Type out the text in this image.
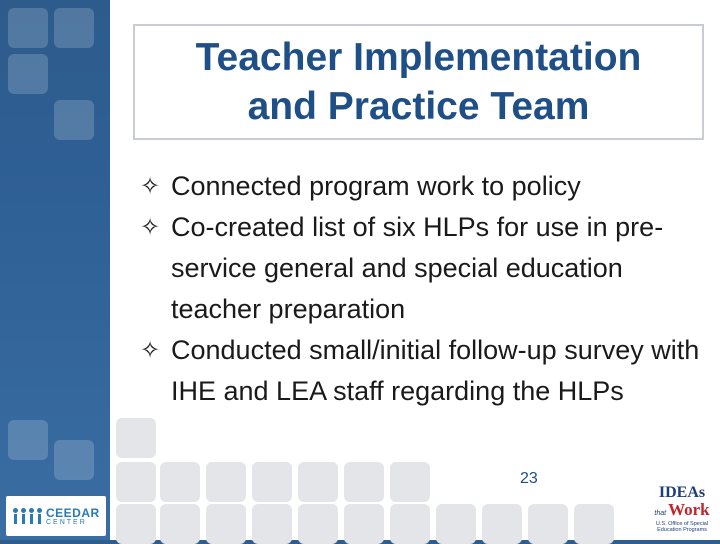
Teacher Implementation
and Practice Team
✧ Connected program work to policy
✧ Co-created list of six HLPs for use in pre-service general and special education teacher preparation
✧ Conducted small/initial follow-up survey with IHE and LEA staff regarding the HLPs
23
CEEDAR
CENTER
IDEAs
that Work
U.S. Office of Special Education Programs
